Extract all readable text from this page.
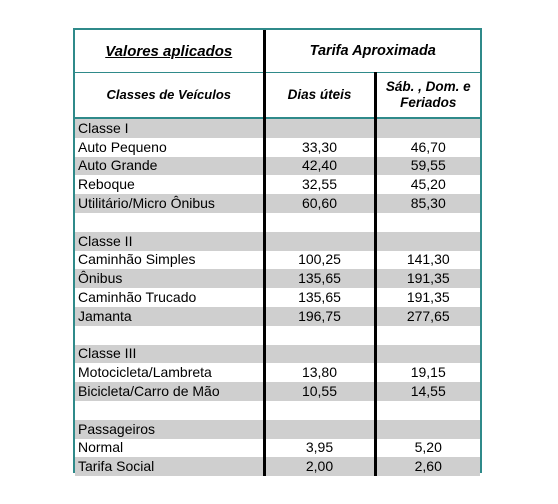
Valores aplicados	Tarifa Aproximada	
Classes de Veículos	Dias úteis	Sáb. , Dom. e Feriados
Classe I		
Auto Pequeno	33,30	46,70
Auto Grande	42,40	59,55
Reboque	32,55	45,20
Utilitário/Micro Ônibus	60,60	85,30

Classe II		
Caminhão Simples	100,25	141,30
Ônibus	135,65	191,35
Caminhão Trucado	135,65	191,35
Jamanta	196,75	277,65

Classe III		
Motocicleta/Lambreta	13,80	19,15
Bicicleta/Carro de Mão	10,55	14,55

Passageiros		
Normal	3,95	5,20
Tarifa Social	2,00	2,60
